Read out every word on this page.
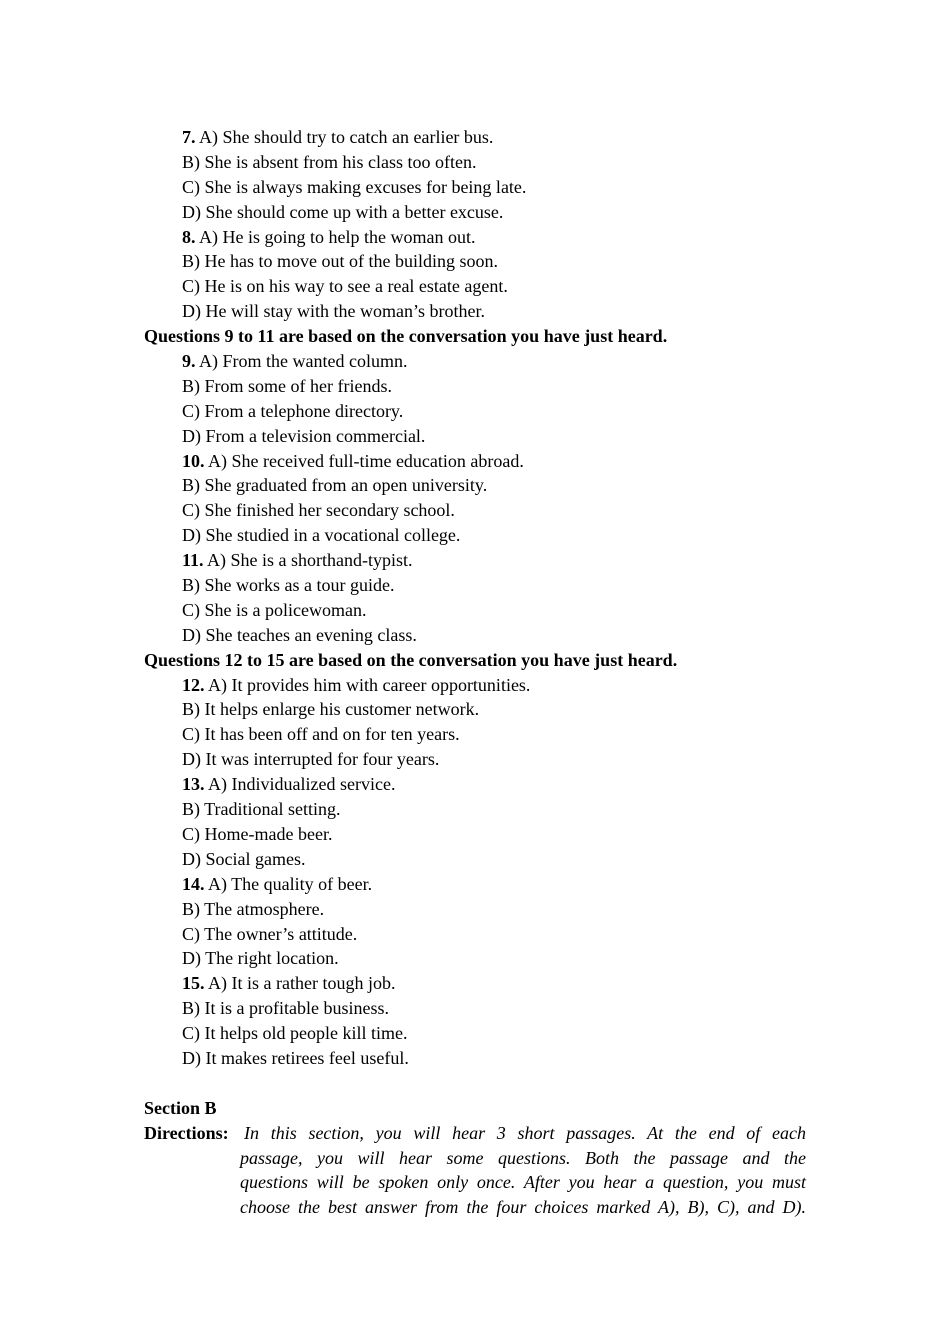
7. A) She should try to catch an earlier bus.
B) She is absent from his class too often.
C) She is always making excuses for being late.
D) She should come up with a better excuse.
8. A) He is going to help the woman out.
B) He has to move out of the building soon.
C) He is on his way to see a real estate agent.
D) He will stay with the woman’s brother.
Questions 9 to 11 are based on the conversation you have just heard.
9. A) From the wanted column.
B) From some of her friends.
C) From a telephone directory.
D) From a television commercial.
10. A) She received full-time education abroad.
B) She graduated from an open university.
C) She finished her secondary school.
D) She studied in a vocational college.
11. A) She is a shorthand-typist.
B) She works as a tour guide.
C) She is a policewoman.
D) She teaches an evening class.
Questions 12 to 15 are based on the conversation you have just heard.
12. A) It provides him with career opportunities.
B) It helps enlarge his customer network.
C) It has been off and on for ten years.
D) It was interrupted for four years.
13. A) Individualized service.
B) Traditional setting.
C) Home-made beer.
D) Social games.
14. A) The quality of beer.
B) The atmosphere.
C) The owner’s attitude.
D) The right location.
15. A) It is a rather tough job.
B) It is a profitable business.
C) It helps old people kill time.
D) It makes retirees feel useful.
Section B
Directions: In this section, you will hear 3 short passages. At the end of each
passage, you will hear some questions. Both the passage and the
questions will be spoken only once. After you hear a question, you must
choose the best answer from the four choices marked A), B), C), and D).
